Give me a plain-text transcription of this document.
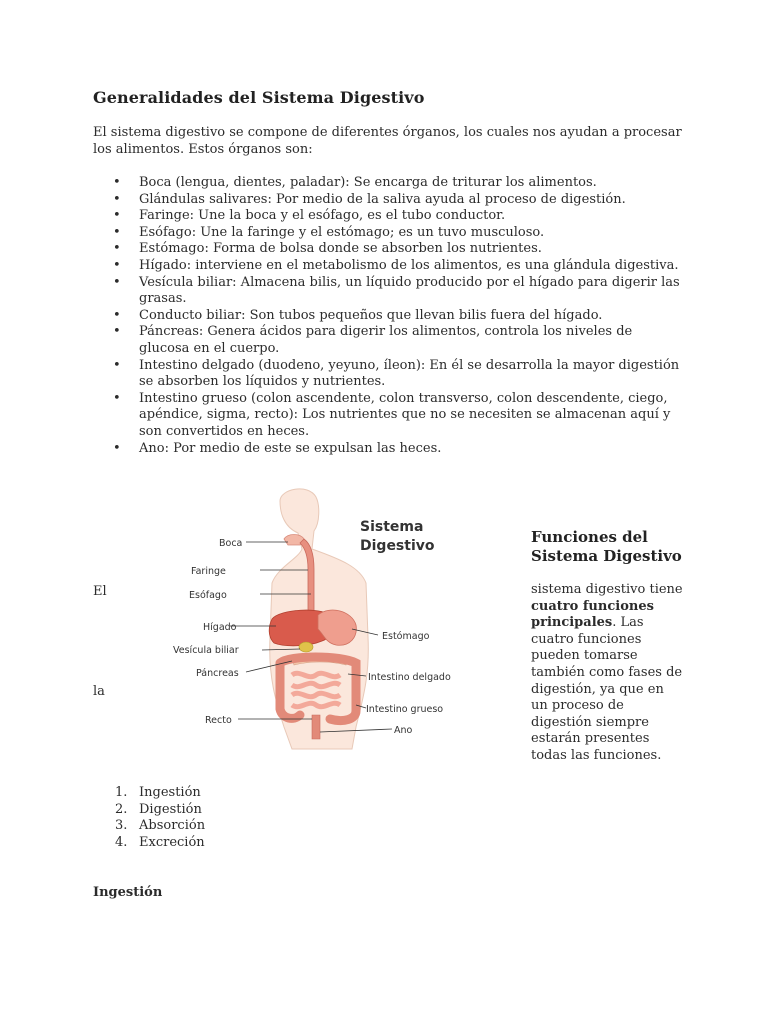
Generalidades del Sistema Digestivo
El sistema digestivo se compone de diferentes órganos, los cuales nos ayudan a procesar los alimentos. Estos órganos son:
• Boca (lengua, dientes, paladar): Se encarga de triturar los alimentos.
• Glándulas salivares: Por medio de la saliva ayuda al proceso de digestión.
• Faringe: Une la boca y el esófago, es el tubo conductor.
• Esófago: Une la faringe y el estómago; es un tuvo musculoso.
• Estómago: Forma de bolsa donde se absorben los nutrientes.
• Hígado: interviene en el metabolismo de los alimentos, es una glándula digestiva.
• Vesícula biliar: Almacena bilis, un líquido producido por el hígado para digerir las grasas.
• Conducto biliar: Son tubos pequeños que llevan bilis fuera del hígado.
• Páncreas: Genera ácidos para digerir los alimentos, controla los niveles de glucosa en el cuerpo.
• Intestino delgado (duodeno, yeyuno, íleon): En él se desarrolla la mayor digestión se absorben los líquidos y nutrientes.
• Intestino grueso (colon ascendente, colon transverso, colon descendente, ciego, apéndice, sigma, recto): Los nutrientes que no se necesiten se almacenan aquí y son convertidos en heces.
• Ano: Por medio de este se expulsan las heces.
El
la
Sistema
Digestivo
Boca
Faringe
Esófago
Hígado
Vesícula biliar
Páncreas
Recto
Estómago
Intestino delgado
Intestino grueso
Ano
Funciones del Sistema Digestivo
sistema digestivo tiene cuatro funciones principales. Las cuatro funciones pueden tomarse también como fases de digestión, ya que en un proceso de digestión siempre estarán presentes todas las funciones.
1. Ingestión
2. Digestión
3. Absorción
4. Excreción
Ingestión
